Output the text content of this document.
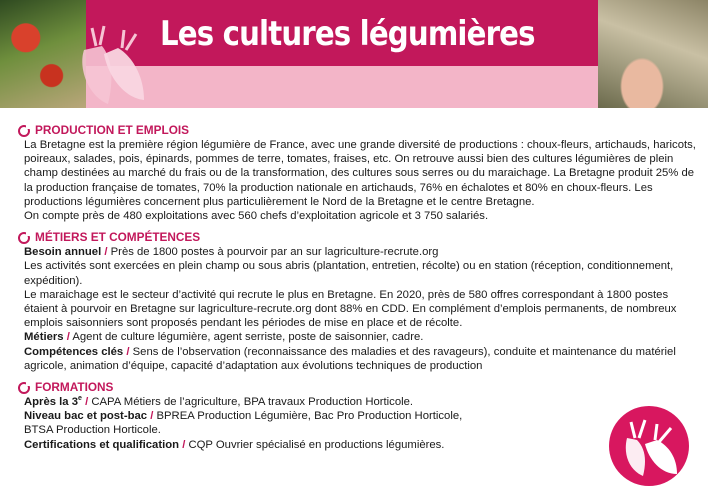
Les cultures légumières
PRODUCTION ET EMPLOIS

La Bretagne est la première région légumière de France, avec une grande diversité de productions : choux-fleurs, artichauds, haricots, poireaux, salades, pois, épinards, pommes de terre, tomates, fraises, etc. On retrouve aussi bien des cultures légumières de plein champ destinées au marché du frais ou de la transformation, des cultures sous serres ou du maraichage. La Bretagne produit 25% de la production française de tomates, 70% la production nationale en artichauds, 76% en échalotes et 80% en choux-fleurs. Les productions légumières concernent plus particulièrement le Nord de la Bretagne et le centre Bretagne.

On compte près de 480 exploitations avec 560 chefs d’exploitation agricole et 3 750 salariés.

MÉTIERS ET COMPÉTENCES

Besoin annuel / Près de 1800 postes à pourvoir par an sur lagriculture-recrute.org

Les activités sont exercées en plein champ ou sous abris (plantation, entretien, récolte) ou en station (réception, conditionnement, expédition).

Le maraichage est le secteur d’activité qui recrute le plus en Bretagne. En 2020, près de 580 offres correspondant à 1800 postes étaient à pourvoir en Bretagne sur lagriculture-recrute.org dont 88% en CDD. En complément d’emplois permanents, de nombreux emplois saisonniers sont proposés pendant les périodes de mise en place et de récolte.

Métiers / Agent de culture légumière, agent serriste, poste de saisonnier, cadre.

Compétences clés / Sens de l’observation (reconnaissance des maladies et des ravageurs), conduite et maintenance du matériel agricole, animation d’équipe, capacité d’adaptation aux évolutions techniques de production

FORMATIONS

Après la 3e / CAPA Métiers de l’agriculture, BPA travaux Production Horticole.

Niveau bac et post-bac / BPREA Production Légumière, Bac Pro Production Horticole,

BTSA Production Horticole.

Certifications et qualification / CQP Ouvrier spécialisé en productions légumières.
